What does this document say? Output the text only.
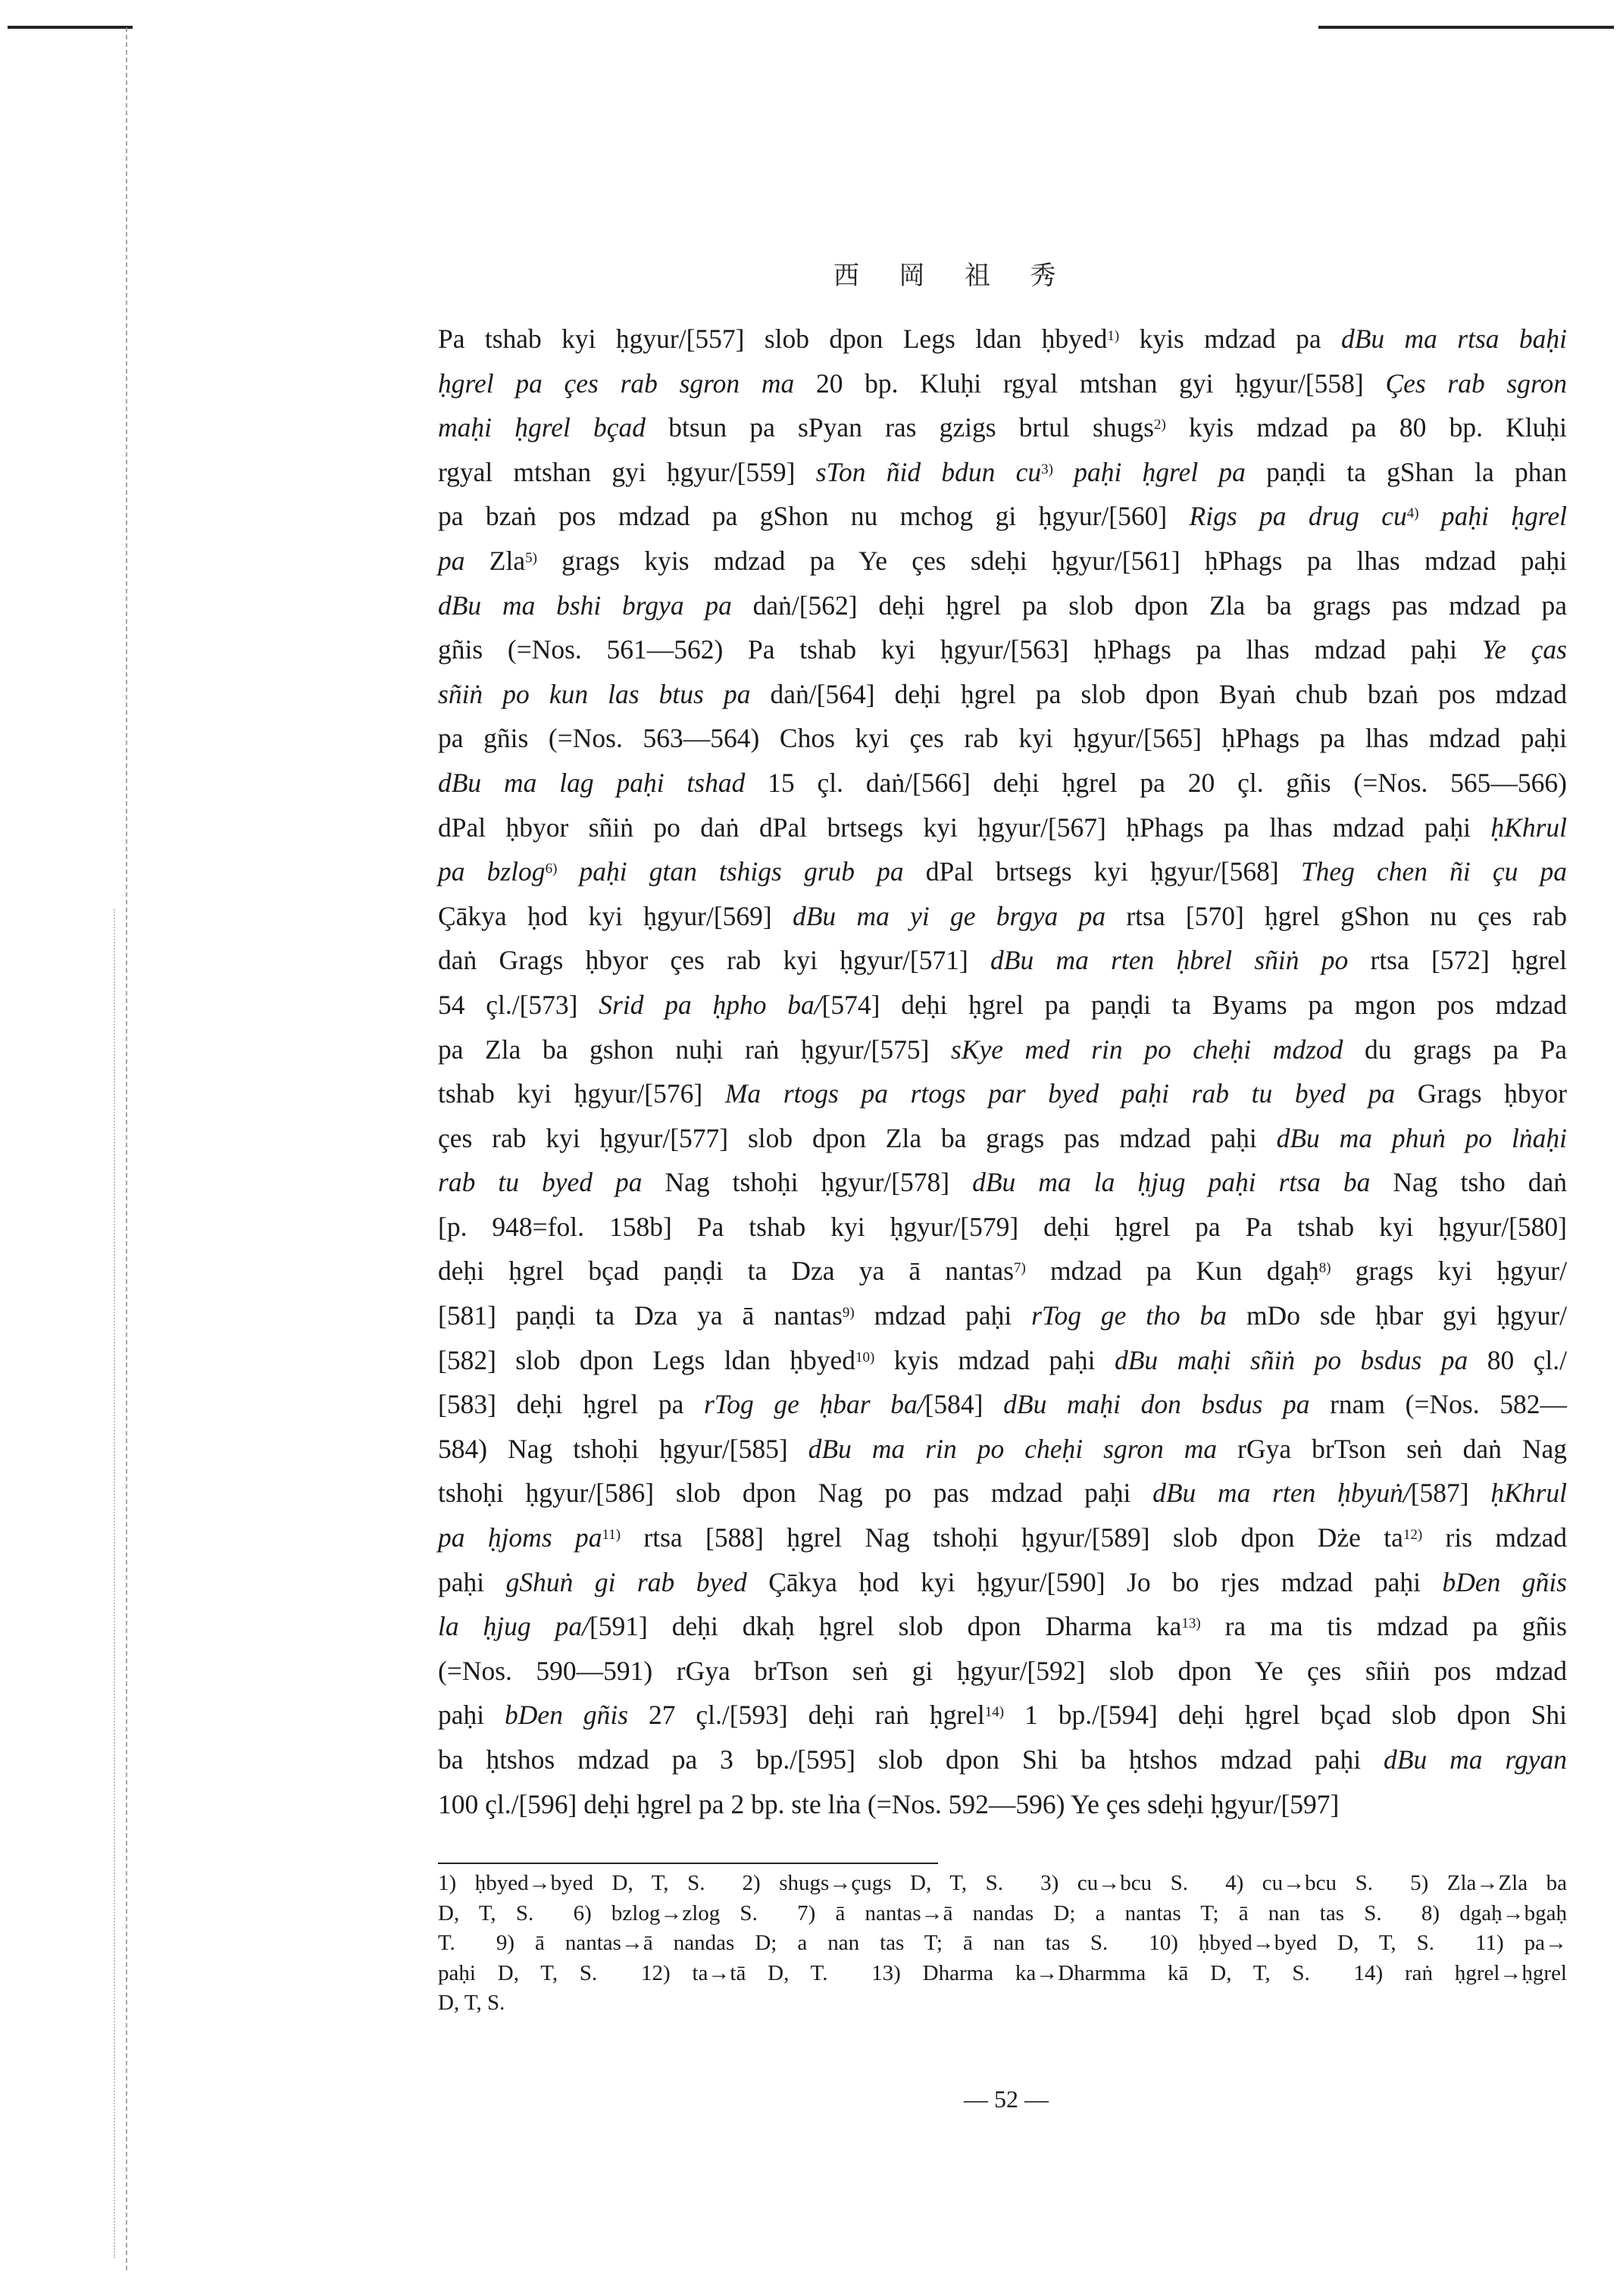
西 岡 祖 秀
Pa tshab kyi ḥgyur/[557] slob dpon Legs ldan ḥbyed$^{1)}$ kyis mdzad pa dBu ma rtsa baḥi
ḥgrel pa çes rab sgron ma 20 bp. Kluḥi rgyal mtshan gyi ḥgyur/[558] Çes rab sgron
maḥi ḥgrel bçad btsun pa sPyan ras gzigs brtul shugs$^{2)}$ kyis mdzad pa 80 bp. Kluḥi
rgyal mtshan gyi ḥgyur/[559] sTon ñid bdun $cu^{3)}$ paḥi ḥgrel pa paṇḍi ta gShan la phan
pa bzaṅ pos mdzad pa gShon nu mchog gi ḥgyur/[560] Rigs pa drug $cu^{4)}$ paḥi ḥgrel
pa Zla$^{5)}$ grags kyis mdzad pa Ye çes sdeḥi ḥgyur/[561] ḥPhags pa lhas mdzad paḥi
dBu ma bshi brgya pa daṅ/[562] deḥi ḥgrel pa slob dpon Zla ba grags pas mdzad pa
gñis (=Nos. 561—562) Pa tshab kyi ḥgyur/[563] ḥPhags pa lhas mdzad paḥi Ye ças
sñiṅ po kun las btus pa daṅ/[564] deḥi ḥgrel pa slob dpon Byaṅ chub bzaṅ pos mdzad
pa gñis (=Nos. 563—564) Chos kyi çes rab kyi ḥgyur/[565] ḥPhags pa lhas mdzad paḥi
dBu ma lag paḥi tshad 15 çl. daṅ/[566] deḥi ḥgrel pa 20 çl. gñis (=Nos. 565—566)
dPal ḥbyor sñiṅ po daṅ dPal brtsegs kyi ḥgyur/[567] ḥPhags pa lhas mdzad paḥi ḥKhrul
pa bzlog$^{6)}$ paḥi gtan tshigs grub pa dPal brtsegs kyi ḥgyur/[568] Theg chen ñi çu pa
Çākya ḥod kyi ḥgyur/[569] dBu ma yi ge brgya pa rtsa [570] ḥgrel gShon nu çes rab
daṅ Grags ḥbyor çes rab kyi ḥgyur/[571] dBu ma rten ḥbrel sñiṅ po rtsa [572] ḥgrel
54 çl./[573] Srid pa ḥpho ba/[574] deḥi ḥgrel pa paṇḍi ta Byams pa mgon pos mdzad
pa Zla ba gshon nuḥi raṅ ḥgyur/[575] sKye med rin po cheḥi mdzod du grags pa Pa
tshab kyi ḥgyur/[576] Ma rtogs pa rtogs par byed paḥi rab tu byed pa Grags ḥbyor
çes rab kyi ḥgyur/[577] slob dpon Zla ba grags pas mdzad paḥi dBu ma phuṅ po lṅaḥi
rab tu byed pa Nag tshoḥi ḥgyur/[578] dBu ma la ḥjug paḥi rtsa ba Nag tsho daṅ
[p. 948=fol. 158b] Pa tshab kyi ḥgyur/[579] deḥi ḥgrel pa Pa tshab kyi ḥgyur/[580]
deḥi ḥgrel bçad paṇḍi ta Dza ya ā nantas$^{7)}$ mdzad pa Kun dgaḥ$^{8)}$ grags kyi ḥgyur/
[581] paṇḍi ta Dza ya ā nantas$^{9)}$ mdzad paḥi rTog ge tho ba mDo sde ḥbar gyi ḥgyur/
[582] slob dpon Legs ldan ḥbyed$^{10)}$ kyis mdzad paḥi dBu maḥi sñiṅ po bsdus pa 80 çl./
[583] deḥi ḥgrel pa rTog ge ḥbar ba/[584] dBu maḥi don bsdus pa rnam (=Nos. 582—
584) Nag tshoḥi ḥgyur/[585] dBu ma rin po cheḥi sgron ma rGya brTson seṅ daṅ Nag
tshoḥi ḥgyur/[586] slob dpon Nag po pas mdzad paḥi dBu ma rten ḥbyuṅ/[587] ḥKhrul
pa ḥjoms $pa^{11)}$ rtsa [588] ḥgrel Nag tshoḥi ḥgyur/[589] slob dpon Dże $ta^{12)}$ ris mdzad
paḥi gShuṅ gi rab byed Çākya ḥod kyi ḥgyur/[590] Jo bo rjes mdzad paḥi bDen gñis
la ḥjug pa/[591] deḥi dkaḥ ḥgrel slob dpon Dharma $ka^{13)}$ ra ma tis mdzad pa gñis
(=Nos. 590—591) rGya brTson seṅ gi ḥgyur/[592] slob dpon Ye çes sñiṅ pos mdzad
paḥi bDen gñis 27 çl./[593] deḥi raṅ ḥgrel$^{14)}$ 1 bp./[594] deḥi ḥgrel bçad slob dpon Shi
ba ḥtshos mdzad pa 3 bp./[595] slob dpon Shi ba ḥtshos mdzad paḥi dBu ma rgyan
100 çl./[596] deḥi ḥgrel pa 2 bp. ste lṅa (=Nos. 592—596) Ye çes sdeḥi ḥgyur/[597]
1) ḥbyed→byed D, T, S.  2) shugs→çugs D, T, S.  3) cu→bcu S.  4) cu→bcu S.  5) Zla→Zla ba
D, T, S.  6) bzlog→zlog S.  7) ā nantas→ā nandas D; a nantas T; ā nan tas S.  8) dgaḥ→bgaḥ
T.  9) ā nantas→ā nandas D; a nan tas T; ā nan tas S.  10) ḥbyed→byed D, T, S.  11) pa→
paḥi D, T, S.  12) ta→tā D, T.  13) Dharma ka→Dharmma kā D, T, S.  14) raṅ ḥgrel→ḥgrel
D, T, S.
— 52 —
